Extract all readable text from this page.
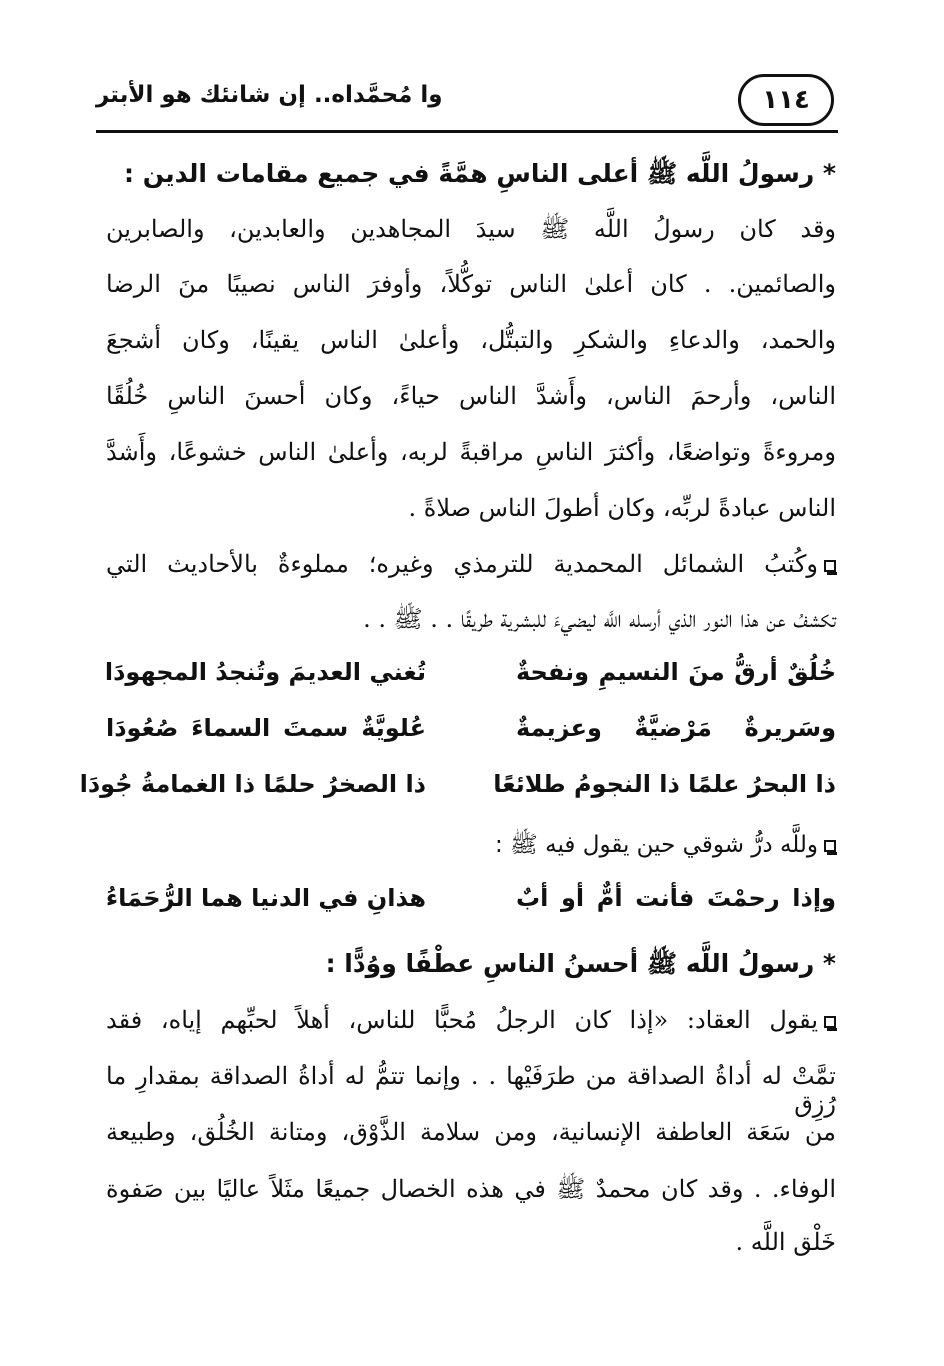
وا مُحمَّداه.. إن شانئك هو الأبتر	١١٤
* رسولُ اللَّه ﷺ أعلى الناسِ همَّةً في جميع مقامات الدين :
وقد كان رسولُ اللَّه ﷺ سيدَ المجاهدين والعابدين، والصابرين
والصائمين. . كان أعلىٰ الناس توكُّلاً، وأوفرَ الناس نصيبًا منَ الرضا
والحمد، والدعاءِ والشكرِ والتبتُّل، وأعلىٰ الناس يقينًا، وكان أشجعَ
الناس، وأرحمَ الناس، وأَشدَّ الناس حياءً، وكان أحسنَ الناسِ خُلُقًا
ومروءةً وتواضعًا، وأكثرَ الناسِ مراقبةً لربه، وأعلىٰ الناس خشوعًا، وأَشدَّ
الناس عبادةً لربِّه، وكان أطولَ الناس صلاةً .
وكُتبُ الشمائل المحمدية للترمذي وغيره؛ مملوءةٌ بالأحاديث التي
تكشفُ عن هذا النور الذي أرسله اللَّه ليضيءَ للبشرية طريقًا . . ﷺ . .
خُلُقٌ أرقُّ منَ النسيمِ ونفحةٌ
تُغني العديمَ وتُنجدُ المجهودَا
وسَريرةٌ مَرْضيَّةٌ وعزيمةٌ
عُلويَّةٌ سمتَ السماءَ صُعُودَا
ذا البحرُ علمًا ذا النجومُ طلائعًا
ذا الصخرُ حلمًا ذا الغمامةُ جُودَا
وللَّه درُّ شوقي حين يقول فيه ﷺ :
وإذا رحمْتَ فأنت أمٌّ أو أبٌ
هذانِ في الدنيا هما الرُّحَمَاءُ
* رسولُ اللَّه ﷺ أحسنُ الناسِ عطْفًا ووُدًّا :
يقول العقاد: «إذا كان الرجلُ مُحبًّا للناس، أهلاً لحبِّهم إياه، فقد
تمَّتْ له أداةُ الصداقة من طرَفَيْها . . وإنما تتمُّ له أداةُ الصداقة بمقدارِ ما رُزِق
من سَعَة العاطفة الإنسانية، ومن سلامة الذَّوْق، ومتانة الخُلُق، وطبيعة
الوفاء. . وقد كان محمدٌ ﷺ في هذه الخصال جميعًا مثَلاً عاليًا بين صَفوة
خَلْق اللَّه .
